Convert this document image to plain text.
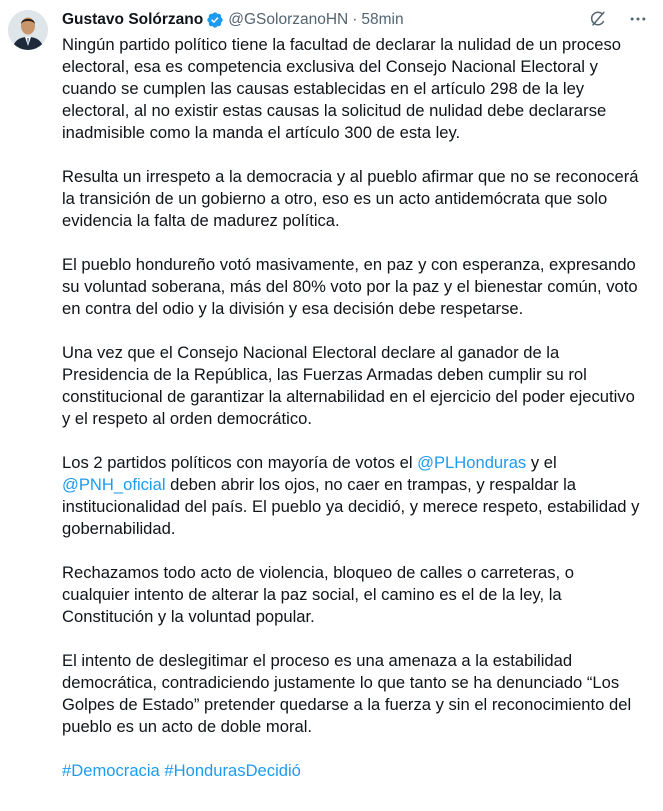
Gustavo Solórzano @GSolorzanoHN · 58min

Ningún partido político tiene la facultad de declarar la nulidad de un proceso electoral, esa es competencia exclusiva del Consejo Nacional Electoral y cuando se cumplen las causas establecidas en el artículo 298 de la ley electoral, al no existir estas causas la solicitud de nulidad debe declararse inadmisible como la manda el artículo 300 de esta ley.

Resulta un irrespeto a la democracia y al pueblo afirmar que no se reconocerá la transición de un gobierno a otro, eso es un acto antidemócrata que solo evidencia la falta de madurez política.

El pueblo hondureño votó masivamente, en paz y con esperanza, expresando su voluntad soberana, más del 80% voto por la paz y el bienestar común, voto en contra del odio y la división y esa decisión debe respetarse.

Una vez que el Consejo Nacional Electoral declare al ganador de la Presidencia de la República, las Fuerzas Armadas deben cumplir su rol constitucional de garantizar la alternabilidad en el ejercicio del poder ejecutivo y el respeto al orden democrático.

Los 2 partidos políticos con mayoría de votos el @PLHonduras y el @PNH_oficial deben abrir los ojos, no caer en trampas, y respaldar la institucionalidad del país. El pueblo ya decidió, y merece respeto, estabilidad y gobernabilidad.

Rechazamos todo acto de violencia, bloqueo de calles o carreteras, o cualquier intento de alterar la paz social, el camino es el de la ley, la Constitución y la voluntad popular.

El intento de deslegitimar el proceso es una amenaza a la estabilidad democrática, contradiciendo justamente lo que tanto se ha denunciado “Los Golpes de Estado” pretender quedarse a la fuerza y sin el reconocimiento del pueblo es un acto de doble moral.

#Democracia #HondurasDecidió
